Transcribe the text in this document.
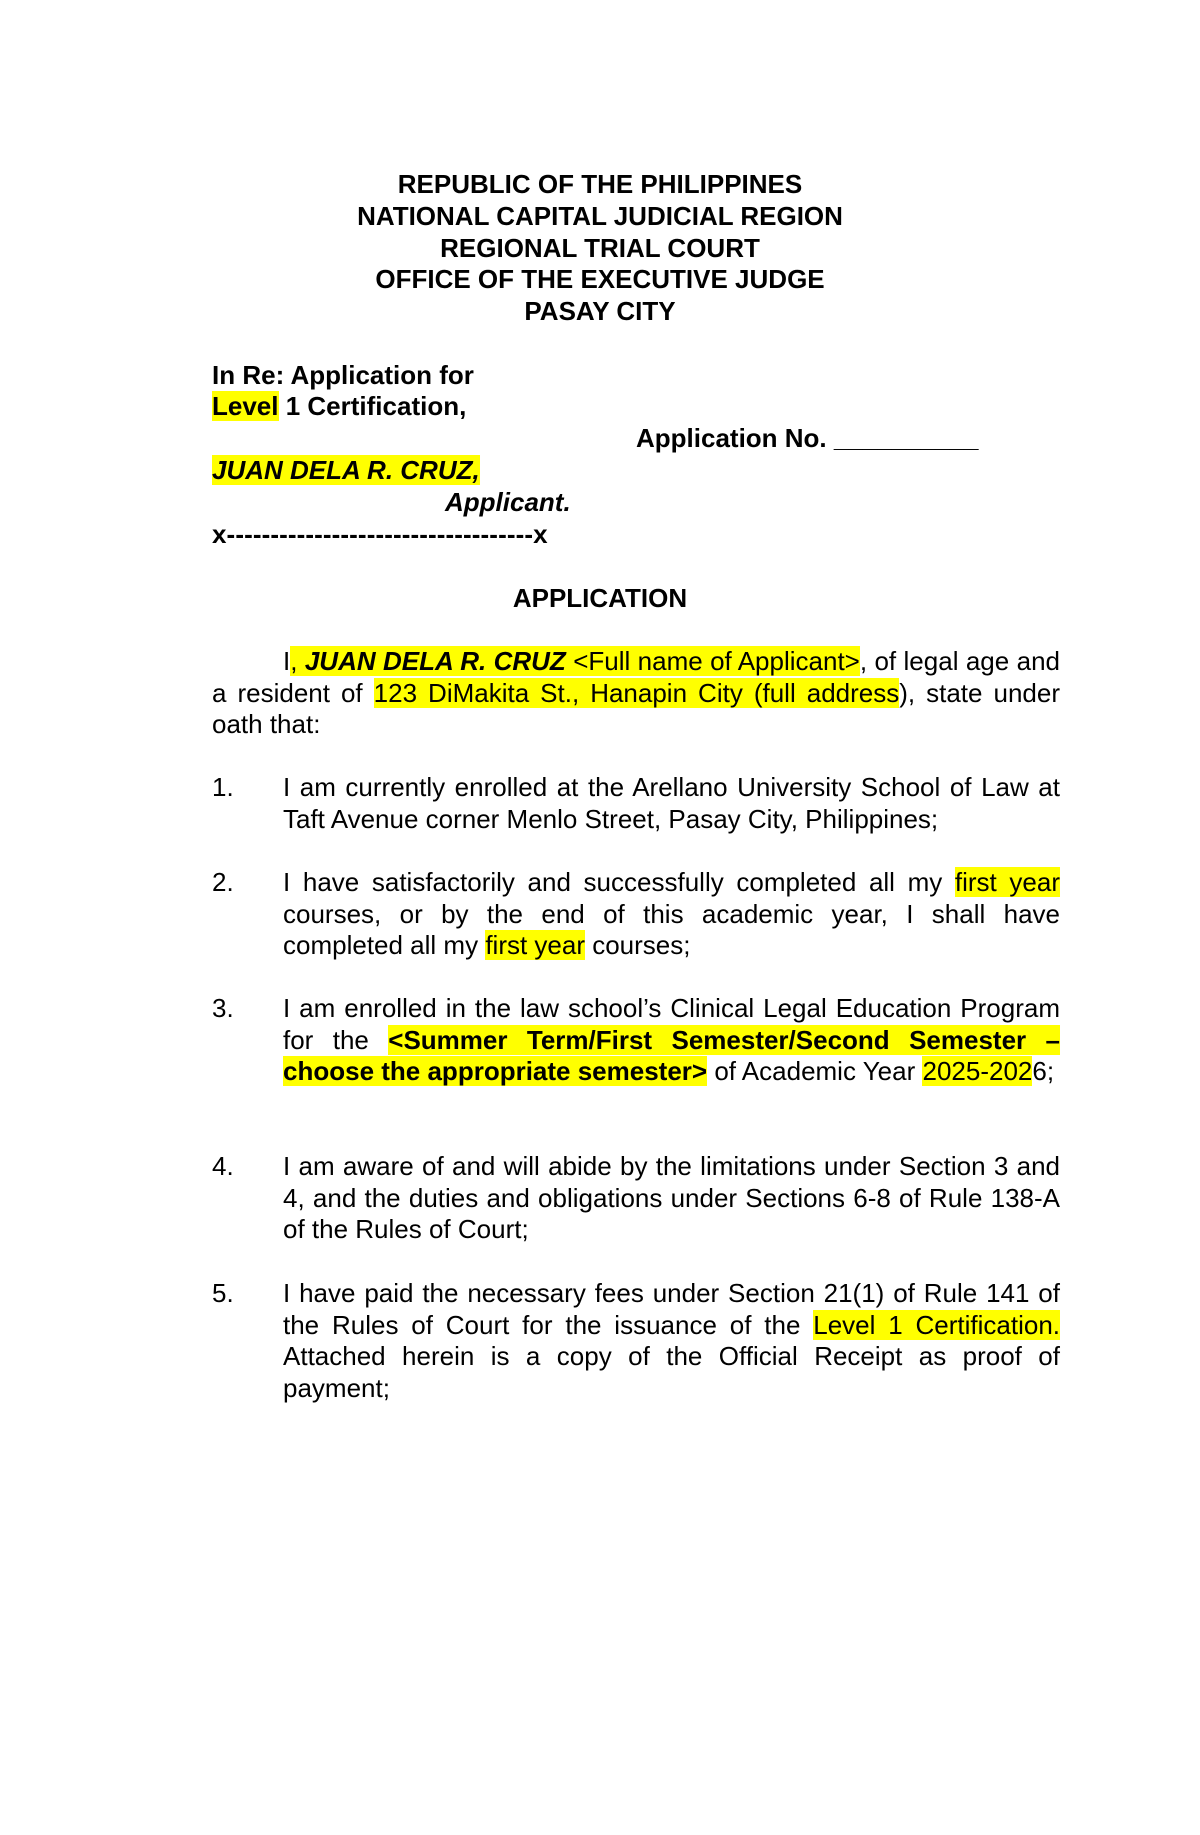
REPUBLIC OF THE PHILIPPINES
NATIONAL CAPITAL JUDICIAL REGION
REGIONAL TRIAL COURT
OFFICE OF THE EXECUTIVE JUDGE
PASAY CITY
In Re: Application for
Level 1 Certification,
Application No. __________
JUAN DELA R. CRUZ,
Applicant.
x-----------------------------------x
APPLICATION
I, JUAN DELA R. CRUZ <Full name of Applicant>, of legal age and a resident of 123 DiMakita St., Hanapin City (full address), state under oath that:
1. I am currently enrolled at the Arellano University School of Law at Taft Avenue corner Menlo Street, Pasay City, Philippines;
2. I have satisfactorily and successfully completed all my first year courses, or by the end of this academic year, I shall have completed all my first year courses;
3. I am enrolled in the law school’s Clinical Legal Education Program for the <Summer Term/First Semester/Second Semester – choose the appropriate semester> of Academic Year 2025-2026;
4. I am aware of and will abide by the limitations under Section 3 and 4, and the duties and obligations under Sections 6-8 of Rule 138-A of the Rules of Court;
5. I have paid the necessary fees under Section 21(1) of Rule 141 of the Rules of Court for the issuance of the Level 1 Certification. Attached herein is a copy of the Official Receipt as proof of payment;
